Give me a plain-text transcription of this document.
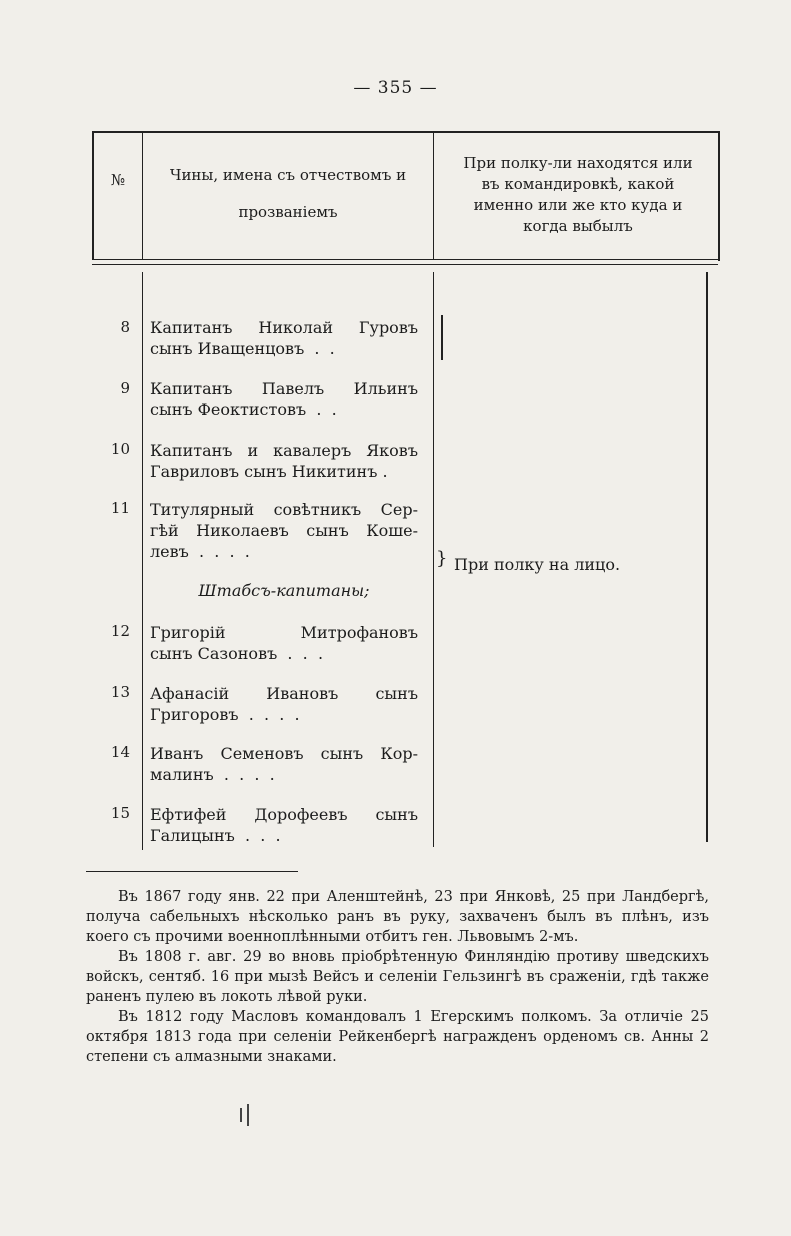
— 355 —
№	Чины, имена съ отчествомъ и
прозванiемъ
При полку-ли находятся или
въ командировкѣ, какой
именно или же кто куда и
когда выбылъ
8 Капитанъ Николай Гуровъ
сынъ Иващенцовъ  .  .
9 Капитанъ Павелъ Ильинъ
сынъ Феоктистовъ  .  .
10 Капитанъ и кавалеръ Яковъ
Гавриловъ сынъ Никитинъ .
11 Титулярный совѣтникъ Сер-
гѣй Николаевъ сынъ Коше-
левъ  .  .  .  .
Штабсъ-капитаны;
12 Григорiй Митрофановъ
сынъ Сазоновъ  .  .  .
13 Афанасiй Ивановъ сынъ
Григоровъ  .  .  .  .
14 Иванъ Семеновъ сынъ Кор-
малинъ  .  .  .  .
15 Ефтифей Дорофеевъ сынъ
Галицынъ  .  .  .
} При полку на лицо.

Въ 1867 году янв. 22 при Аленштейнѣ, 23 при Янковѣ, 25 при Ландбергѣ, получа сабельныхъ нѣсколько ранъ въ руку, захваченъ былъ въ плѣнъ, изъ коего съ прочими военноплѣнными отбитъ ген. Львовымъ 2-мъ.

Въ 1808 г. авг. 29 во вновь прiобрѣтенную Финляндiю противу шведскихъ войскъ, сентяб. 16 при мызѣ Вейсъ и селенiи Гельзингѣ въ сраженiи, гдѣ также раненъ пулею въ локоть лѣвой руки.

Въ 1812 году Масловъ командовалъ 1 Егерскимъ полкомъ. За отличiе 25 октября 1813 года при селенiи Рейкенбергѣ награжденъ орденомъ св. Анны 2 степени съ алмазными знаками.
